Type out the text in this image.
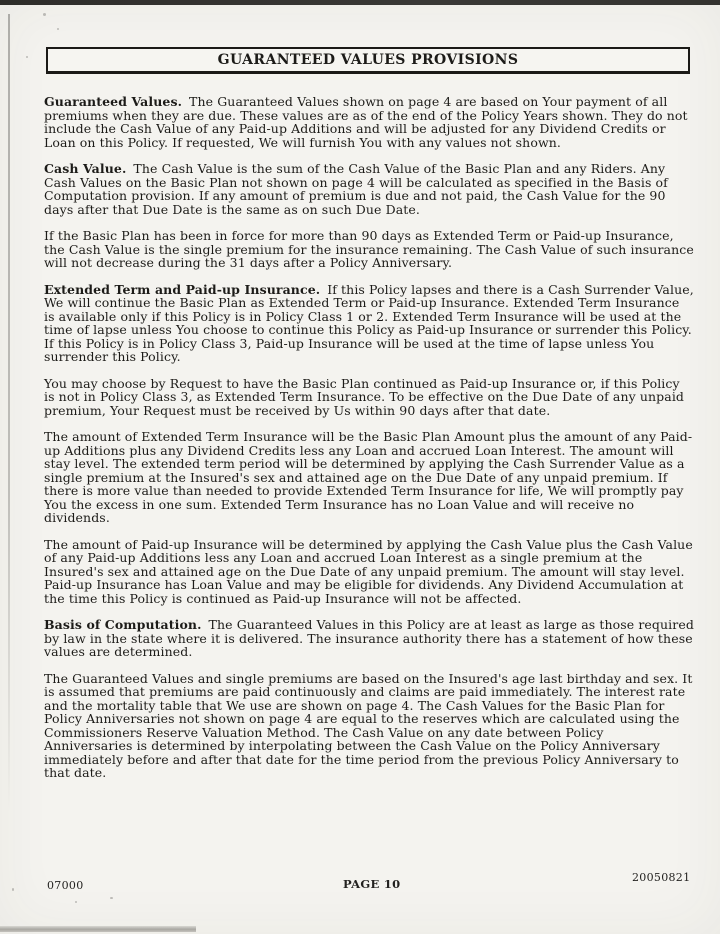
GUARANTEED VALUES PROVISIONS

Guaranteed Values. The Guaranteed Values shown on page 4 are based on Your payment of all premiums when they are due. These values are as of the end of the Policy Years shown. They do not include the Cash Value of any Paid-up Additions and will be adjusted for any Dividend Credits or Loan on this Policy. If requested, We will furnish You with any values not shown.

Cash Value. The Cash Value is the sum of the Cash Value of the Basic Plan and any Riders. Any Cash Values on the Basic Plan not shown on page 4 will be calculated as specified in the Basis of Computation provision. If any amount of premium is due and not paid, the Cash Value for the 90 days after that Due Date is the same as on such Due Date.

If the Basic Plan has been in force for more than 90 days as Extended Term or Paid-up Insurance, the Cash Value is the single premium for the insurance remaining. The Cash Value of such insurance will not decrease during the 31 days after a Policy Anniversary.

Extended Term and Paid-up Insurance. If this Policy lapses and there is a Cash Surrender Value, We will continue the Basic Plan as Extended Term or Paid-up Insurance. Extended Term Insurance is available only if this Policy is in Policy Class 1 or 2. Extended Term Insurance will be used at the time of lapse unless You choose to continue this Policy as Paid-up Insurance or surrender this Policy. If this Policy is in Policy Class 3, Paid-up Insurance will be used at the time of lapse unless You surrender this Policy.

You may choose by Request to have the Basic Plan continued as Paid-up Insurance or, if this Policy is not in Policy Class 3, as Extended Term Insurance. To be effective on the Due Date of any unpaid premium, Your Request must be received by Us within 90 days after that date.

The amount of Extended Term Insurance will be the Basic Plan Amount plus the amount of any Paid-up Additions plus any Dividend Credits less any Loan and accrued Loan Interest. The amount will stay level. The extended term period will be determined by applying the Cash Surrender Value as a single premium at the Insured's sex and attained age on the Due Date of any unpaid premium. If there is more value than needed to provide Extended Term Insurance for life, We will promptly pay You the excess in one sum. Extended Term Insurance has no Loan Value and will receive no dividends.

The amount of Paid-up Insurance will be determined by applying the Cash Value plus the Cash Value of any Paid-up Additions less any Loan and accrued Loan Interest as a single premium at the Insured's sex and attained age on the Due Date of any unpaid premium. The amount will stay level. Paid-up Insurance has Loan Value and may be eligible for dividends. Any Dividend Accumulation at the time this Policy is continued as Paid-up Insurance will not be affected.

Basis of Computation. The Guaranteed Values in this Policy are at least as large as those required by law in the state where it is delivered. The insurance authority there has a statement of how these values are determined.

The Guaranteed Values and single premiums are based on the Insured's age last birthday and sex. It is assumed that premiums are paid continuously and claims are paid immediately. The interest rate and the mortality table that We use are shown on page 4. The Cash Values for the Basic Plan for Policy Anniversaries not shown on page 4 are equal to the reserves which are calculated using the Commissioners Reserve Valuation Method. The Cash Value on any date between Policy Anniversaries is determined by interpolating between the Cash Value on the Policy Anniversary immediately before and after that date for the time period from the previous Policy Anniversary to that date.

07000	PAGE 10	20050821
